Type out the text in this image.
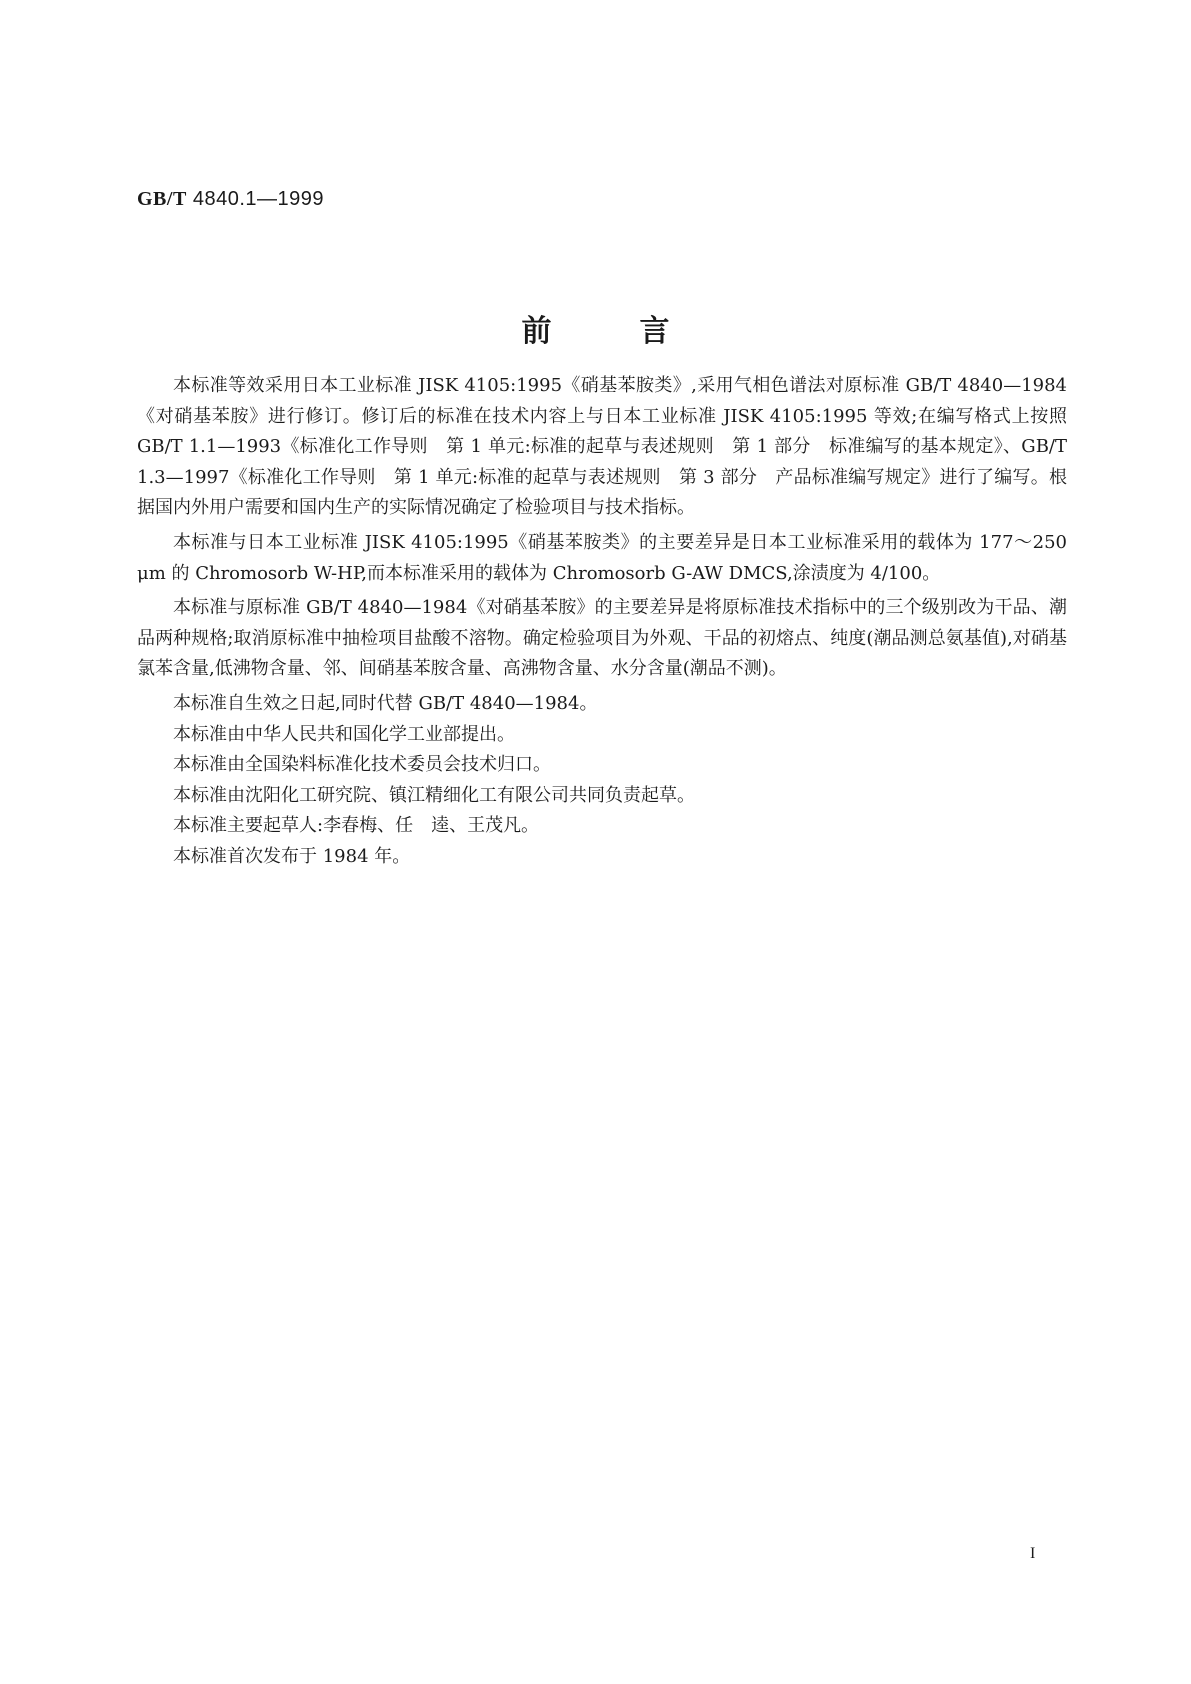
GB/T 4840.1—1999
前言

本标准等效采用日本工业标准 JISK 4105:1995《硝基苯胺类》,采用气相色谱法对原标准 GB/T 4840—1984《对硝基苯胺》进行修订。修订后的标准在技术内容上与日本工业标准 JISK 4105:1995 等效;在编写格式上按照 GB/T 1.1—1993《标准化工作导则　第 1 单元:标准的起草与表述规则　第 1 部分　标准编写的基本规定》、GB/T 1.3—1997《标准化工作导则　第 1 单元:标准的起草与表述规则　第 3 部分　产品标准编写规定》进行了编写。根据国内外用户需要和国内生产的实际情况确定了检验项目与技术指标。

本标准与日本工业标准 JISK 4105:1995《硝基苯胺类》的主要差异是日本工业标准采用的载体为 177～250 μm 的 Chromosorb W-HP,而本标准采用的载体为 Chromosorb G-AW DMCS,涂渍度为 4/100。

本标准与原标准 GB/T 4840—1984《对硝基苯胺》的主要差异是将原标准技术指标中的三个级别改为干品、潮品两种规格;取消原标准中抽检项目盐酸不溶物。确定检验项目为外观、干品的初熔点、纯度(潮品测总氨基值),对硝基氯苯含量,低沸物含量、邻、间硝基苯胺含量、高沸物含量、水分含量(潮品不测)。

本标准自生效之日起,同时代替 GB/T 4840—1984。

本标准由中华人民共和国化学工业部提出。

本标准由全国染料标准化技术委员会技术归口。

本标准由沈阳化工研究院、镇江精细化工有限公司共同负责起草。

本标准主要起草人:李春梅、任　逵、王茂凡。

本标准首次发布于 1984 年。

I
